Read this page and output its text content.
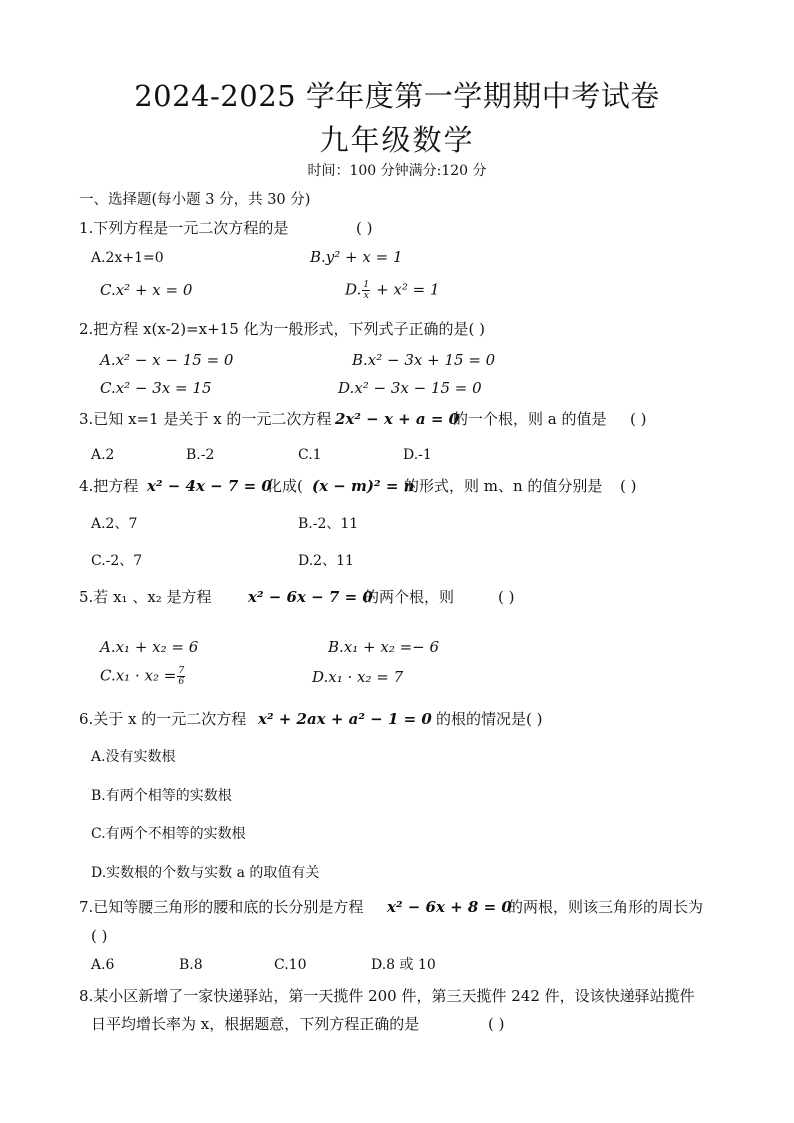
2024-2025 学年度第一学期期中考试卷
九年级数学
时间：100 分钟满分:120 分
一、选择题(每小题 3 分，共 30 分)
1.下列方程是一元二次方程的是	( )
A.2x+1=0	B.y² + x = 1
C.x² + x = 0	D. $\frac{1}{x} + x^2 = 1$
2.把方程 x(x-2)=x+15 化为一般形式，下列式子正确的是( )
A.x² − x − 15 = 0	B.x² − 3x + 15 = 0
C.x² − 3x = 15	D.x² − 3x − 15 = 0
3.已知 x=1 是关于 x 的一元二次方程 2x² − x + a = 0
的一个根，则 a 的值是 ( )
A.2	B.-2	C.1	D.-1
4.把方程 x² − 4x − 7 = 0
化成( (x − m)² = n
的形式，则 m、n 的值分别是 ( )
A.2、7	B.-2、11
C.-2、7	D.2、11
5.若 x₁ 、x₂ 是方程 x² − 6x − 7 = 0
的两个根，则	( )
A.x₁ + x₂ = 6	B.x₁ + x₂ =− 6
$C.x_1 \cdot x_2 = \frac{7}{6}$	D.x₁ · x₂ = 7
6.关于 x 的一元二次方程 x² + 2ax + a² − 1 = 0 的根的情况是( )
A.没有实数根
B.有两个相等的实数根
C.有两个不相等的实数根
D.实数根的个数与实数 a 的取值有关
7.已知等腰三角形的腰和底的长分别是方程 x² − 6x + 8 = 0
的两根，则该三角形的周长为
( )
A.6	B.8	C.10	D.8 或 10
8.某小区新增了一家快递驿站，第一天揽件 200 件，第三天揽件 242 件，设该快递驿站揽件
日平均增长率为 x，根据题意，下列方程正确的是	( )
